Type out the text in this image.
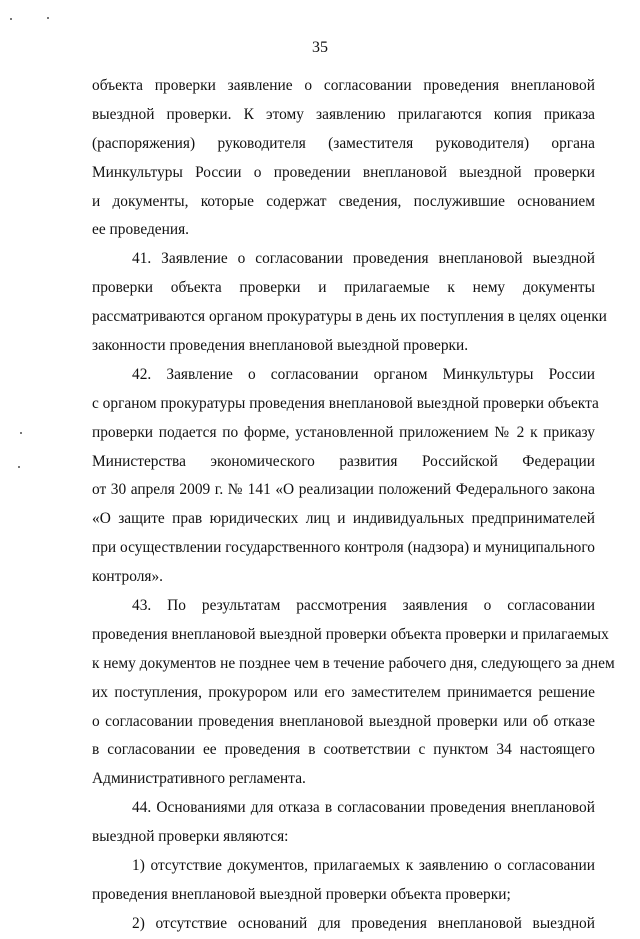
35
объекта проверки заявление о согласовании проведения внеплановой
выездной проверки. К этому заявлению прилагаются копия приказа
(распоряжения) руководителя (заместителя руководителя) органа
Минкультуры России о проведении внеплановой выездной проверки
и документы, которые содержат сведения, послужившие основанием
ее проведения.
41. Заявление о согласовании проведения внеплановой выездной
проверки объекта проверки и прилагаемые к нему документы
рассматриваются органом прокуратуры в день их поступления в целях оценки
законности проведения внеплановой выездной проверки.
42. Заявление о согласовании органом Минкультуры России
с органом прокуратуры проведения внеплановой выездной проверки объекта
проверки подается по форме, установленной приложением № 2 к приказу
Министерства экономического развития Российской Федерации
от 30 апреля 2009 г. № 141 «О реализации положений Федерального закона
«О защите прав юридических лиц и индивидуальных предпринимателей
при осуществлении государственного контроля (надзора) и муниципального
контроля».
43. По результатам рассмотрения заявления о согласовании
проведения внеплановой выездной проверки объекта проверки и прилагаемых
к нему документов не позднее чем в течение рабочего дня, следующего за днем
их поступления, прокурором или его заместителем принимается решение
о согласовании проведения внеплановой выездной проверки или об отказе
в согласовании ее проведения в соответствии с пунктом 34 настоящего
Административного регламента.
44. Основаниями для отказа в согласовании проведения внеплановой
выездной проверки являются:
1) отсутствие документов, прилагаемых к заявлению о согласовании
проведения внеплановой выездной проверки объекта проверки;
2) отсутствие оснований для проведения внеплановой выездной
